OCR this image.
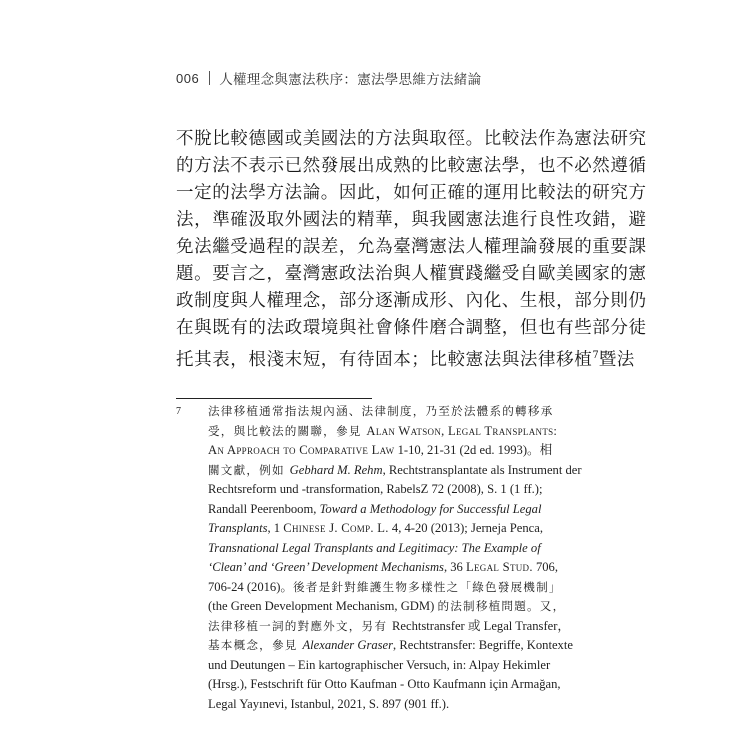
006 人權理念與憲法秩序：憲法學思維方法緒論
不脫比較德國或美國法的方法與取徑。比較法作為憲法研究
的方法不表示已然發展出成熟的比較憲法學，也不必然遵循
一定的法學方法論。因此，如何正確的運用比較法的研究方
法，準確汲取外國法的精華，與我國憲法進行良性攻錯，避
免法繼受過程的誤差，允為臺灣憲法人權理論發展的重要課
題。要言之，臺灣憲政法治與人權實踐繼受自歐美國家的憲
政制度與人權理念，部分逐漸成形、內化、生根，部分則仍
在與既有的法政環境與社會條件磨合調整，但也有些部分徒
托其表，根淺末短，有待固本；比較憲法與法律移植$^7$暨法
7 法律移植通常指法規內涵、法律制度，乃至於法體系的轉移承
受，與比較法的關聯，參見 Alan Watson, Legal Transplants:
An Approach to Comparative Law 1-10, 21-31 (2d ed. 1993)。相
關文獻，例如 Gebhard M. Rehm, Rechtstransplantate als Instrument der
Rechtsreform und -transformation, RabelsZ 72 (2008), S. 1 (1 ff.);
Randall Peerenboom, Toward a Methodology for Successful Legal
Transplants, 1 Chinese J. Comp. L. 4, 4-20 (2013); Jerneja Penca,
Transnational Legal Transplants and Legitimacy: The Example of
‘Clean’ and ‘Green’ Development Mechanisms, 36 Legal Stud. 706,
706-24 (2016)。後者是針對維護生物多樣性之「綠色發展機制」
(the Green Development Mechanism, GDM) 的法制移植問題。又，
法律移植一詞的對應外文，另有 Rechtstransfer 或 Legal Transfer，
基本概念，參見 Alexander Graser, Rechtstransfer: Begriffe, Kontexte
und Deutungen – Ein kartographischer Versuch, in: Alpay Hekimler
(Hrsg.), Festschrift für Otto Kaufman - Otto Kaufmann için Armağan,
Legal Yayınevi, Istanbul, 2021, S. 897 (901 ff.).
